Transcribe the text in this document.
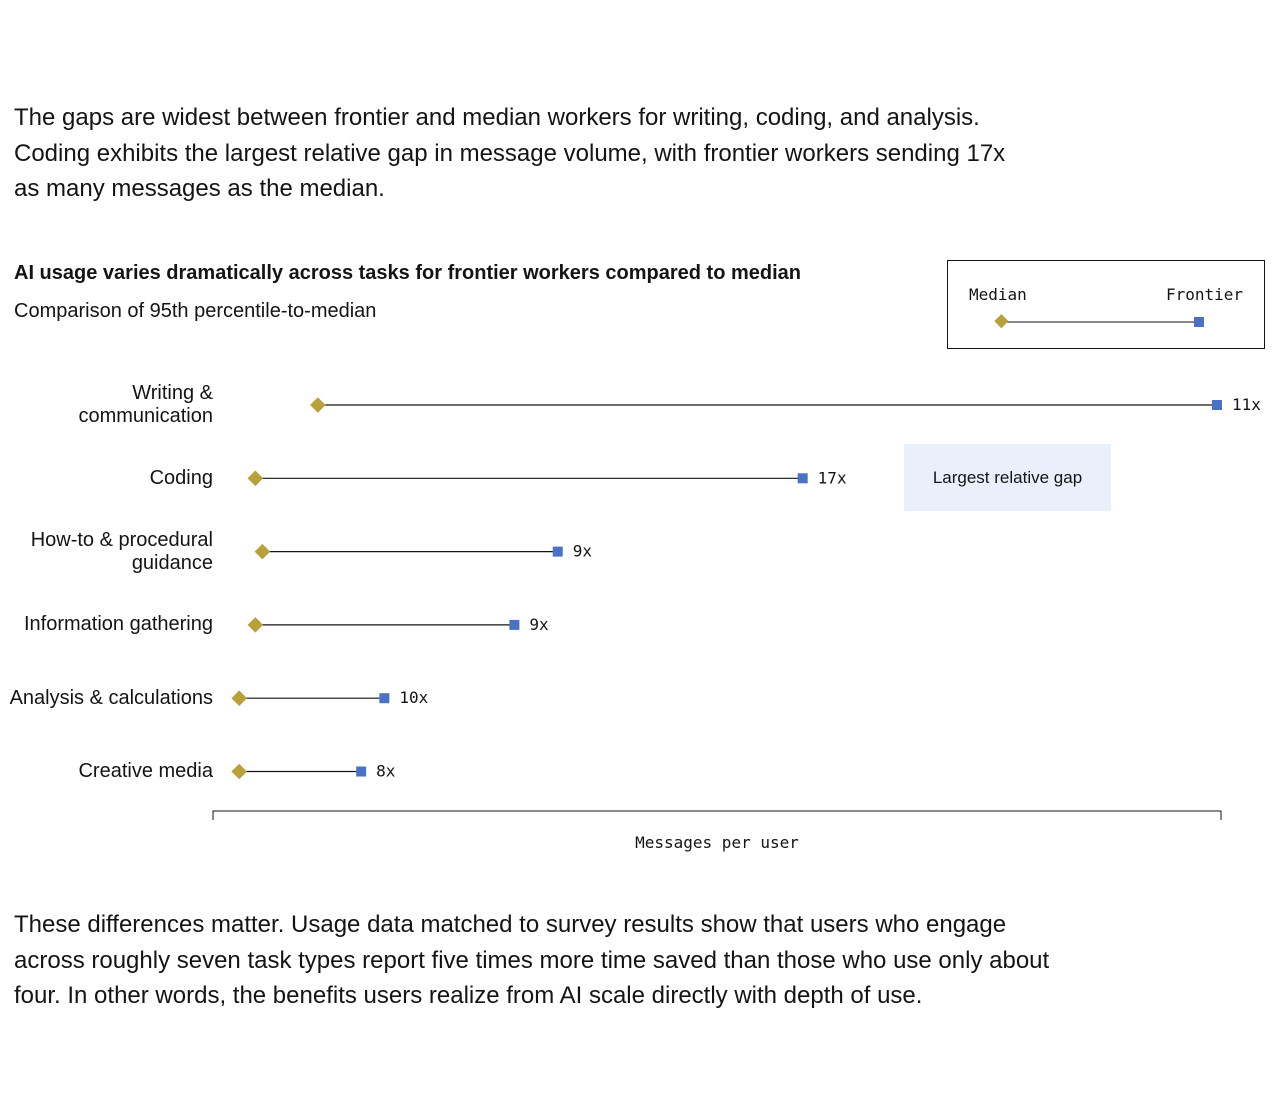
The gaps are widest between frontier and median workers for writing, coding, and analysis. Coding exhibits the largest relative gap in message volume, with frontier workers sending 17x as many messages as the median.

AI usage varies dramatically across tasks for frontier workers compared to median

Comparison of 95th percentile-to-median

Median	Frontier
11x
17x
9x
9x
10x
8x
Writing & communication
Coding
How-to & procedural guidance
Information gathering
Analysis & calculations
Creative media
Largest relative gap
Messages per user

These differences matter. Usage data matched to survey results show that users who engage across roughly seven task types report five times more time saved than those who use only about four. In other words, the benefits users realize from AI scale directly with depth of use.
